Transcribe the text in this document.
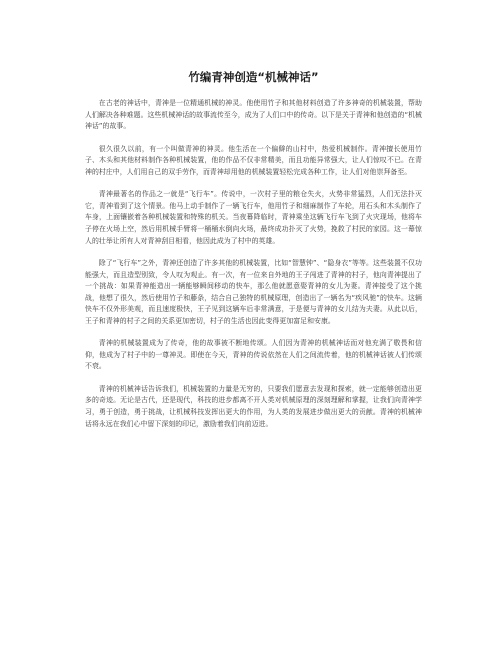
竹编青神创造“机械神话”

在古老的神话中，青神是一位精通机械的神灵。他使用竹子和其他材料创造了许多神奇的机械装置，帮助人们解决各种难题。这些机械神话的故事流传至今，成为了人们口中的传奇。以下是关于青神和他创造的“机械神话”的故事。

很久很久以前，有一个叫做青神的神灵。他生活在一个偏僻的山村中，热爱机械制作。青神擅长使用竹子、木头和其他材料制作各种机械装置，他的作品不仅非常精美，而且功能异常强大，让人们惊叹不已。在青神的村庄中，人们用自己的双手劳作，而青神却用他的机械装置轻松完成各种工作，让人们对他崇拜备至。

青神最著名的作品之一就是“飞行车”。传说中，一次村子里的粮仓失火，火势非常猛烈，人们无法扑灭它，青神看到了这个情景。他马上动手制作了一辆飞行车，他用竹子和细麻制作了车轮，用石头和木头制作了车身，上面镶嵌着各种机械装置和特殊的机关。当夜幕降临时，青神乘坐这辆飞行车飞到了火灾现场，他将车子停在火场上空，然后用机械手臂将一桶桶水倒向火场，最终成功扑灭了火势，挽救了村民的家园。这一幕惊人的壮举让所有人对青神刮目相看，他因此成为了村中的英雄。

除了“飞行车”之外，青神还创造了许多其他的机械装置，比如“智慧钟”、“隐身衣”等等。这些装置不仅功能强大，而且造型别致，令人叹为观止。有一次，有一位来自外地的王子闯进了青神的村子，他向青神提出了一个挑战：如果青神能造出一辆能够瞬间移动的快车，那么他就愿意娶青神的女儿为妻。青神接受了这个挑战，他想了很久，然后使用竹子和藤条，结合自己独特的机械原理，创造出了一辆名为“疾风驰”的快车。这辆快车不仅外形美观，而且速度极快，王子见到这辆车后非常满意，于是便与青神的女儿结为夫妻。从此以后，王子和青神的村子之间的关系更加密切，村子的生活也因此变得更加富足和安康。

青神的机械装置成为了传奇，他的故事被不断地传颂。人们因为青神的机械神话而对他充满了敬畏和信仰，他成为了村子中的一尊神灵。即使在今天，青神的传说依然在人们之间流传着，他的机械神话被人们传颂不衰。

青神的机械神话告诉我们，机械装置的力量是无穷的，只要我们愿意去发现和探索，就一定能够创造出更多的奇迹。无论是古代，还是现代，科技的进步都离不开人类对机械原理的深刻理解和掌握，让我们向青神学习，勇于创造，勇于挑战，让机械科技发挥出更大的作用，为人类的发展进步做出更大的贡献。青神的机械神话将永远在我们心中留下深刻的印记，激励着我们向前迈进。
